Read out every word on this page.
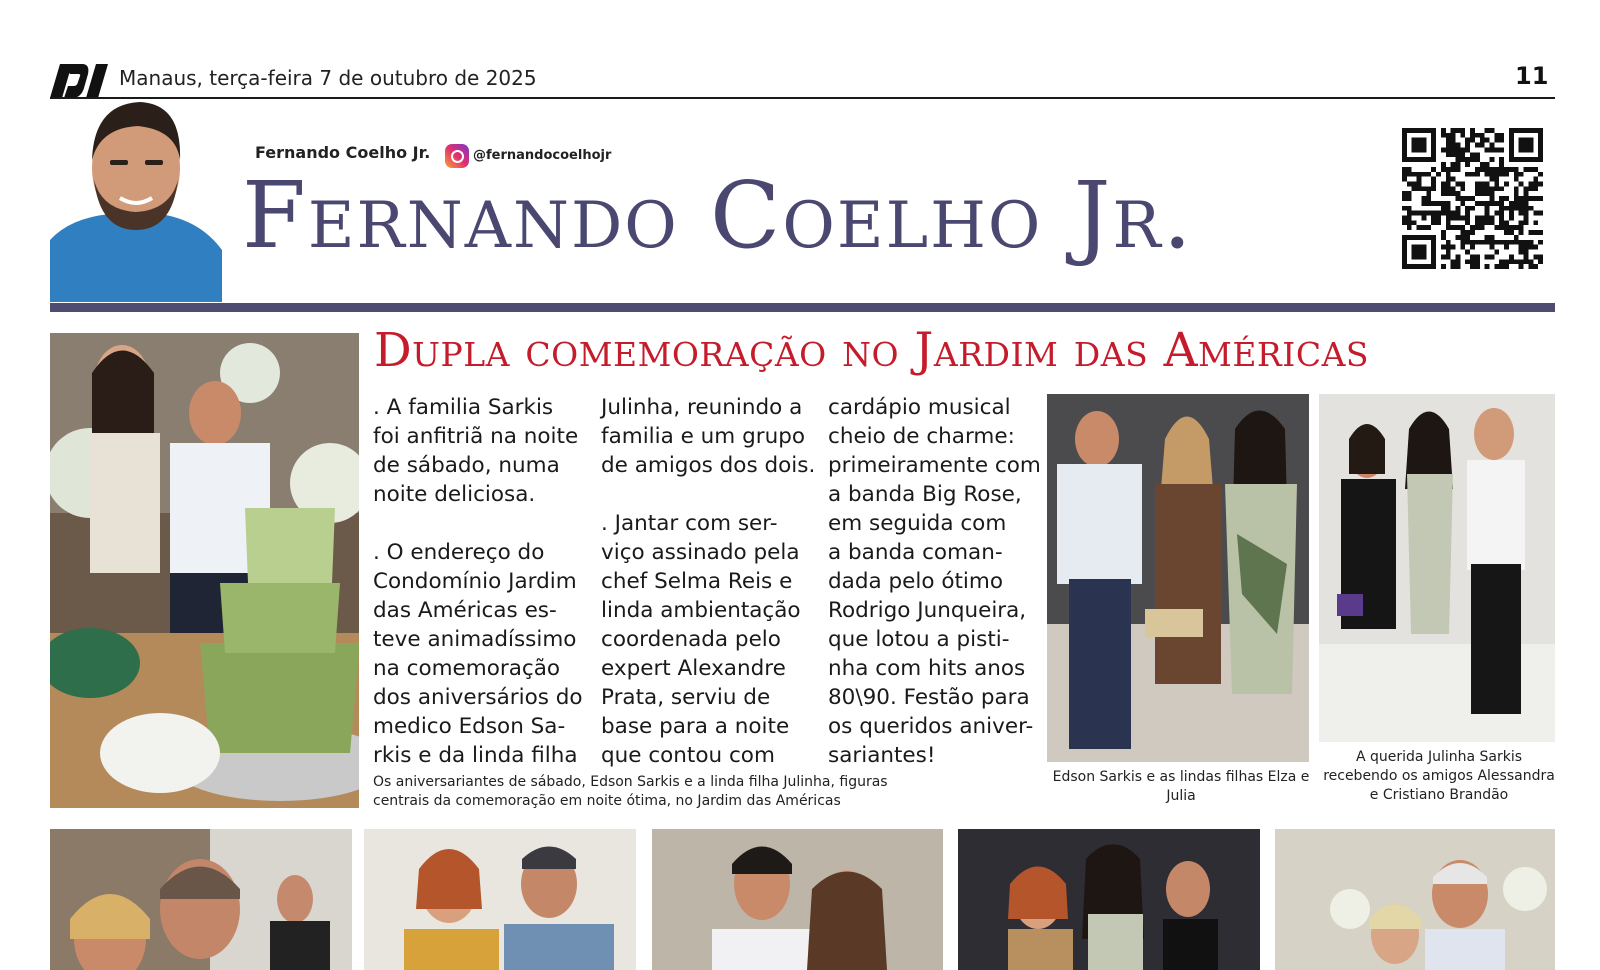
Manaus, terça-feira 7 de outubro de 2025	11
Fernando Coelho Jr.	@fernandocoelhojr
Fernando Coelho Jr.
Dupla comemoração no Jardim das Américas

. A familia Sarkis
foi anfitriã na noite
de sábado, numa
noite deliciosa.

. O endereço do
Condomínio Jardim
das Américas es-
teve animadíssimo
na comemoração
dos aniversários do
medico Edson Sa-
rkis e da linda filha

Julinha, reunindo a
familia e um grupo
de amigos dos dois.

. Jantar com ser-
viço assinado pela
chef Selma Reis e
linda ambientação
coordenada pelo
expert Alexandre
Prata, serviu de
base para a noite
que contou com

cardápio musical
cheio de charme:
primeiramente com
a banda Big Rose,
em seguida com
a banda coman-
dada pelo ótimo
Rodrigo Junqueira,
que lotou a pisti-
nha com hits anos
80\90. Festão para
os queridos aniver-
sariantes!

Os aniversariantes de sábado, Edson Sarkis e a linda filha Julinha, figuras centrais da comemoração em noite ótima, no Jardim das Américas
Edson Sarkis e as lindas filhas Elza e Julia
A querida Julinha Sarkis recebendo os amigos Alessandra e Cristiano Brandão
